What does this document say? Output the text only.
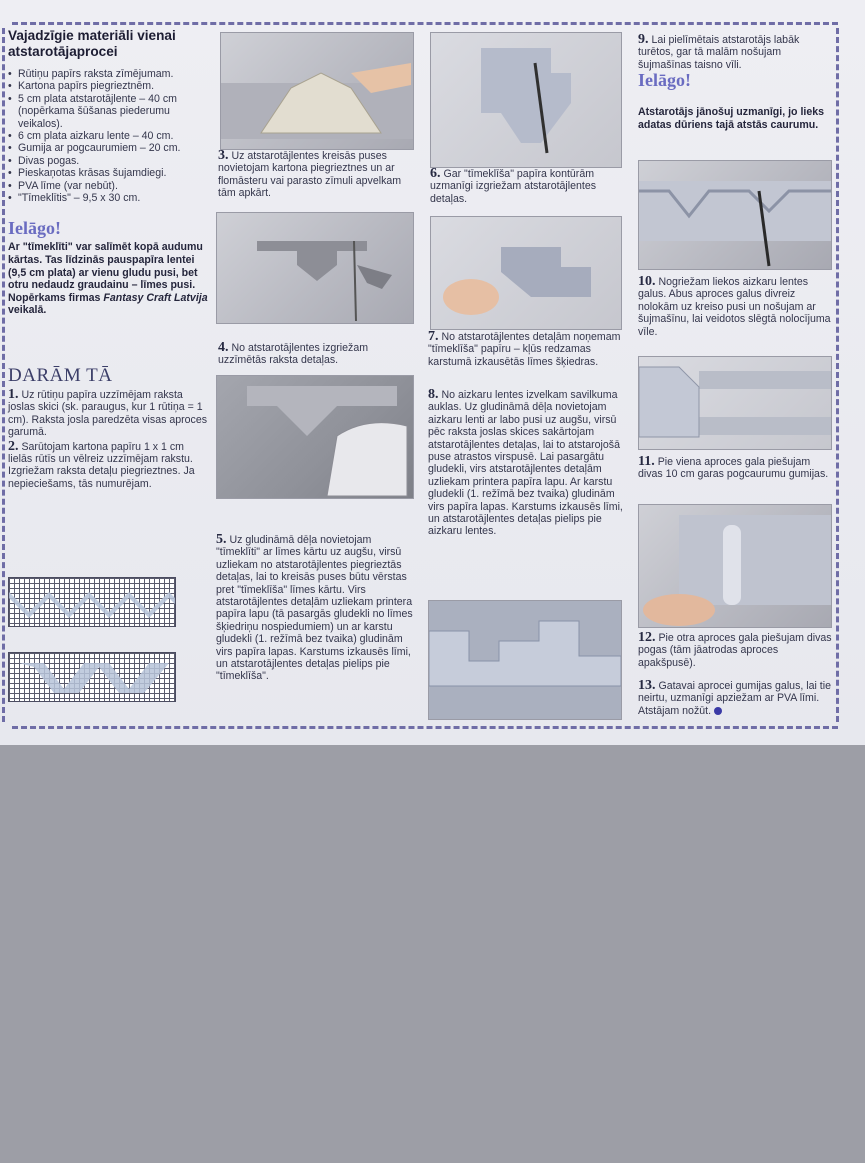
Vajadzīgie materiāli vienai atstarotājaprocei
• Rūtiņu papīrs raksta zīmējumam.
• Kartona papīrs piegrieztnēm.
• 5 cm plata atstarotājlente – 40 cm (nopērkama šūšanas piederumu veikalos).
• 6 cm plata aizkaru lente – 40 cm.
• Gumija ar pogcaurumiem – 20 cm.
• Divas pogas.
• Pieskaņotas krāsas šujamdiegi.
• PVA līme (var nebūt).
• "Tīmeklītis" – 9,5 x 30 cm.
Ielāgo!
Ar "tīmeklīti" var salīmēt kopā audumu kārtas. Tas līdzinās pauspapīra lentei (9,5 cm plata) ar vienu gludu pusi, bet otru nedaudz graudainu – līmes pusi. Nopērkams firmas Fantasy Craft Latvija veikalā.
DARĀM TĀ

1. Uz rūtiņu papīra uzzīmējam raksta joslas skici (sk. paraugus, kur 1 rūtiņa = 1 cm). Raksta josla paredzēta visas aproces garumā.

2. Sarūtojam kartona papīru 1 x 1 cm lielās rūtīs un vēlreiz uzzīmējam rakstu. Izgriežam raksta detaļu piegrieztnes. Ja nepieciešams, tās numurējam.

3. Uz atstarotājlentes kreisās puses novietojam kartona piegrieztnes un ar flomāsteru vai parasto zīmuli apvelkam tām apkārt.
4. No atstarotājlentes izgriežam uzzīmētās raksta detaļas.
5. Uz gludināmā dēļa novietojam "tīmeklīti" ar līmes kārtu uz augšu, virsū uzliekam no atstarotājlentes piegrieztās detaļas, lai to kreisās puses būtu vērstas pret "tīmeklīša" līmes kārtu. Virs atstarotājlentes detaļām uzliekam printera papīra lapu (tā pasargās gludekli no līmes šķiedriņu nospiedumiem) un ar karstu gludekli (1. režīmā bez tvaika) gludinām virs papīra lapas. Karstums izkausēs līmi, un atstarotājlentes detaļas pielips pie "tīmeklīša".
6. Gar "tīmeklīša" papīra kontūrām uzmanīgi izgriežam atstarotājlentes detaļas.
7. No atstarotājlentes detaļām noņemam "tīmeklīša" papīru – kļūs redzamas karstumā izkausētās līmes šķiedras.
8. No aizkaru lentes izvelkam savilkuma auklas. Uz gludināmā dēļa novietojam aizkaru lenti ar labo pusi uz augšu, virsū pēc raksta joslas skices sakārtojam atstarotājlentes detaļas, lai to atstarojošā puse atrastos virspusē. Lai pasargātu gludekli, virs atstarotājlentes detaļām uzliekam printera papīra lapu. Ar karstu gludekli (1. režīmā bez tvaika) gludinām virs papīra lapas. Karstums izkausēs līmi, un atstarotājlentes detaļas pielips pie aizkaru lentes.
9. Lai pielīmētais atstarotājs labāk turētos, gar tā malām nošujam šujmašīnas taisno vīli.
Ielāgo!
Atstarotājs jānošuj uzmanīgi, jo lieks adatas dūriens tajā atstās caurumu.
10. Nogriežam liekos aizkaru lentes galus. Abus aproces galus divreiz nolokām uz kreiso pusi un nošujam ar šujmašīnu, lai veidotos slēgtā nolocījuma vīle.
11. Pie viena aproces gala piešujam divas 10 cm garas pogcaurumu gumijas.
12. Pie otra aproces gala piešujam divas pogas (tām jāatrodas aproces apakšpusē).
13. Gatavai aprocei gumijas galus, lai tie neirtu, uzmanīgi apziežam ar PVA līmi. Atstājam nožūt.
